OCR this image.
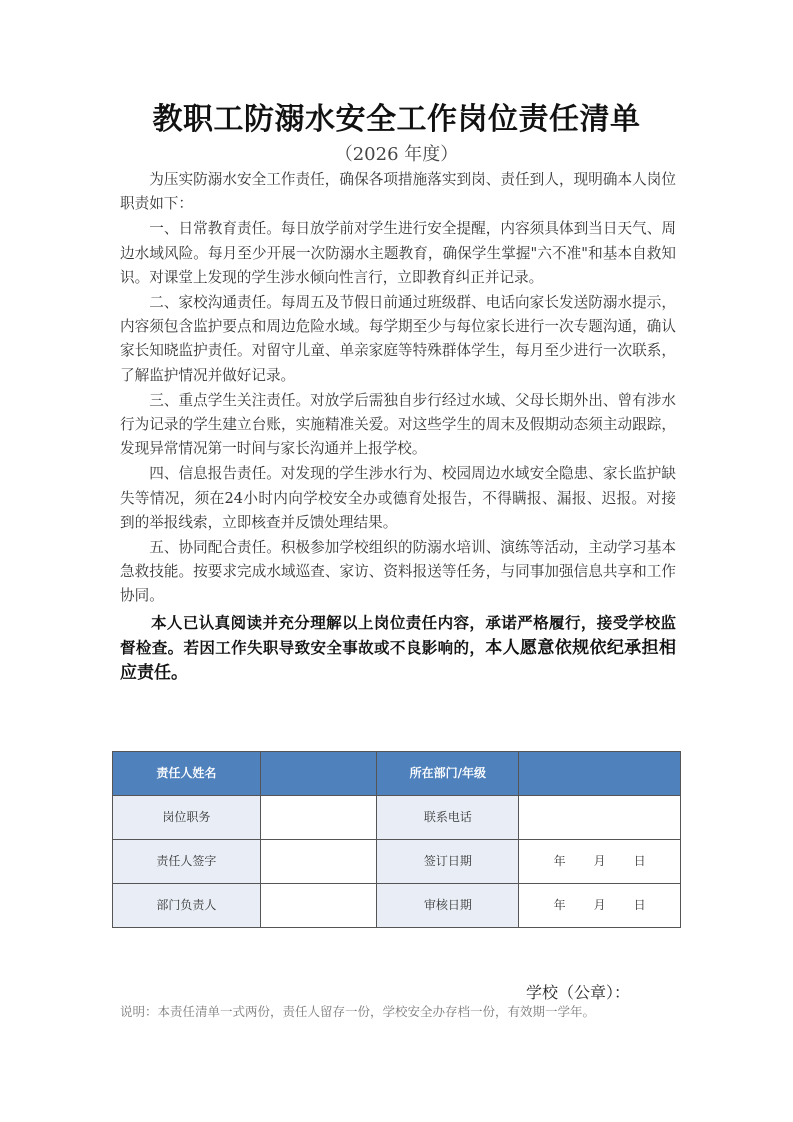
教职工防溺水安全工作岗位责任清单
（2026 年度）

为压实防溺水安全工作责任，确保各项措施落实到岗、责任到人，现明确本人岗位职责如下：

一、日常教育责任。每日放学前对学生进行安全提醒，内容须具体到当日天气、周边水域风险。每月至少开展一次防溺水主题教育，确保学生掌握"六不准"和基本自救知识。对课堂上发现的学生涉水倾向性言行，立即教育纠正并记录。

二、家校沟通责任。每周五及节假日前通过班级群、电话向家长发送防溺水提示，内容须包含监护要点和周边危险水域。每学期至少与每位家长进行一次专题沟通，确认家长知晓监护责任。对留守儿童、单亲家庭等特殊群体学生，每月至少进行一次联系，了解监护情况并做好记录。

三、重点学生关注责任。对放学后需独自步行经过水域、父母长期外出、曾有涉水行为记录的学生建立台账，实施精准关爱。对这些学生的周末及假期动态须主动跟踪，发现异常情况第一时间与家长沟通并上报学校。

四、信息报告责任。对发现的学生涉水行为、校园周边水域安全隐患、家长监护缺失等情况，须在24小时内向学校安全办或德育处报告，不得瞒报、漏报、迟报。对接到的举报线索，立即核查并反馈处理结果。

五、协同配合责任。积极参加学校组织的防溺水培训、演练等活动，主动学习基本急救技能。按要求完成水域巡查、家访、资料报送等任务，与同事加强信息共享和工作协同。

本人已认真阅读并充分理解以上岗位责任内容，承诺严格履行，接受学校监督检查。若因工作失职导致安全事故或不良影响的，本人愿意依规依纪承担相应责任。

责任人姓名		所在部门/年级	
岗位职务		联系电话	
责任人签字		签订日期	年 月 日
部门负责人		审核日期	年 月 日
学校（公章）：
说明：本责任清单一式两份，责任人留存一份，学校安全办存档一份，有效期一学年。
